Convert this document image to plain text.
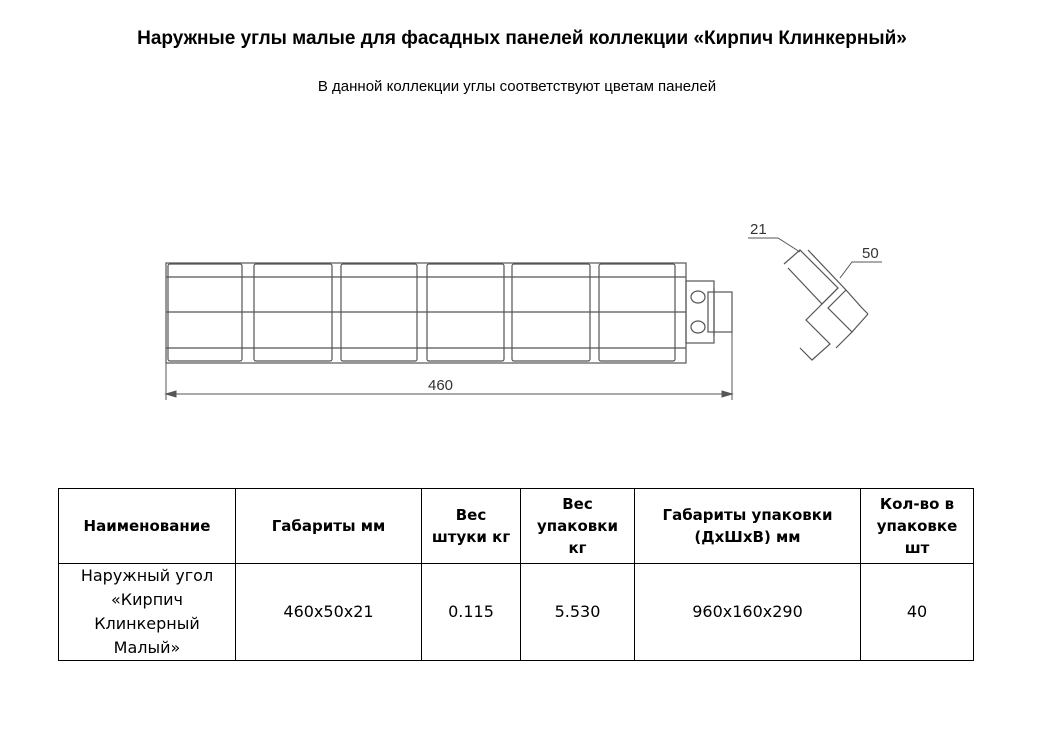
Наружные углы малые для фасадных панелей коллекции «Кирпич Клинкерный»
В данной коллекции углы соответствуют цветам панелей
460
21
50
Наименование	Габариты мм	Вес штуки кг	Вес упаковки кг	Габариты упаковки (ДхШхВ) мм	Кол-во в упаковке шт
Наружный угол «Кирпич Клинкерный Малый»	460x50x21	0.115	5.530	960x160x290	40
